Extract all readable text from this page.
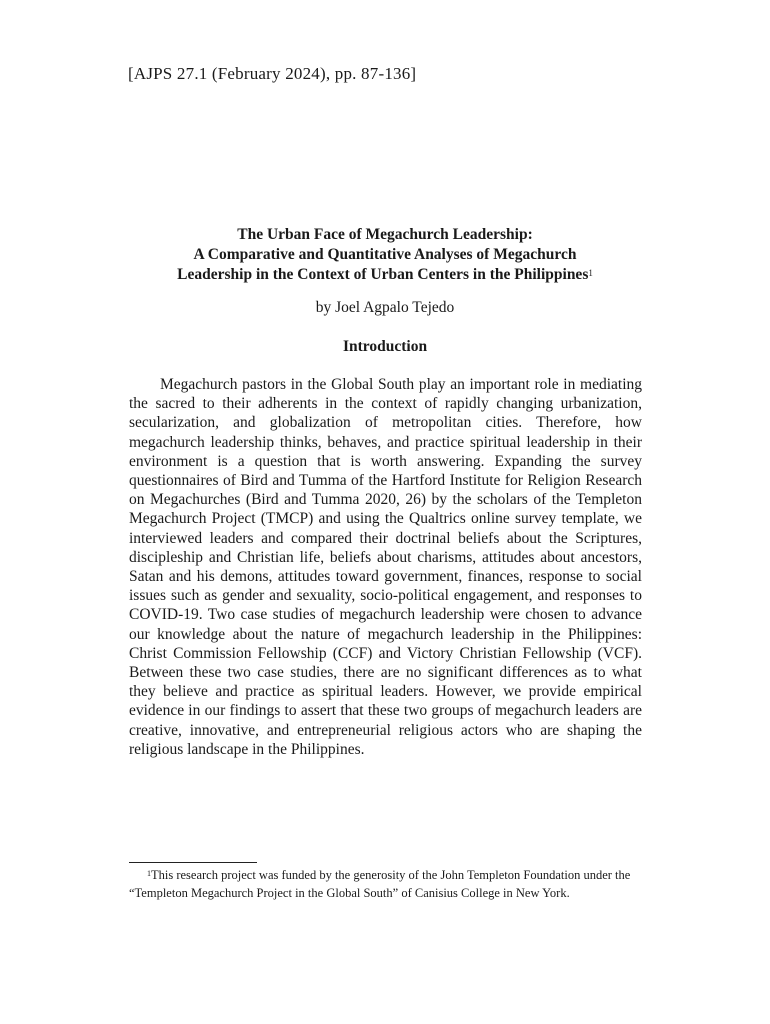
[AJPS 27.1 (February 2024), pp. 87-136]
The Urban Face of Megachurch Leadership:
A Comparative and Quantitative Analyses of Megachurch
Leadership in the Context of Urban Centers in the Philippines$^1$
by Joel Agpalo Tejedo
Introduction

Megachurch pastors in the Global South play an important role in mediating the sacred to their adherents in the context of rapidly changing urbanization, secularization, and globalization of metropolitan cities. Therefore, how megachurch leadership thinks, behaves, and practice spiritual leadership in their environment is a question that is worth answering. Expanding the survey questionnaires of Bird and Tumma of the Hartford Institute for Religion Research on Megachurches (Bird and Tumma 2020, 26) by the scholars of the Templeton Megachurch Project (TMCP) and using the Qualtrics online survey template, we interviewed leaders and compared their doctrinal beliefs about the Scriptures, discipleship and Christian life, beliefs about charisms, attitudes about ancestors, Satan and his demons, attitudes toward government, finances, response to social issues such as gender and sexuality, socio-political engagement, and responses to COVID-19. Two case studies of megachurch leadership were chosen to advance our knowledge about the nature of megachurch leadership in the Philippines: Christ Commission Fellowship (CCF) and Victory Christian Fellowship (VCF). Between these two case studies, there are no significant differences as to what they believe and practice as spiritual leaders. However, we provide empirical evidence in our findings to assert that these two groups of megachurch leaders are creative, innovative, and entrepreneurial religious actors who are shaping the religious landscape in the Philippines.

$^1$This research project was funded by the generosity of the John Templeton Foundation under the “Templeton Megachurch Project in the Global South” of Canisius College in New York.
